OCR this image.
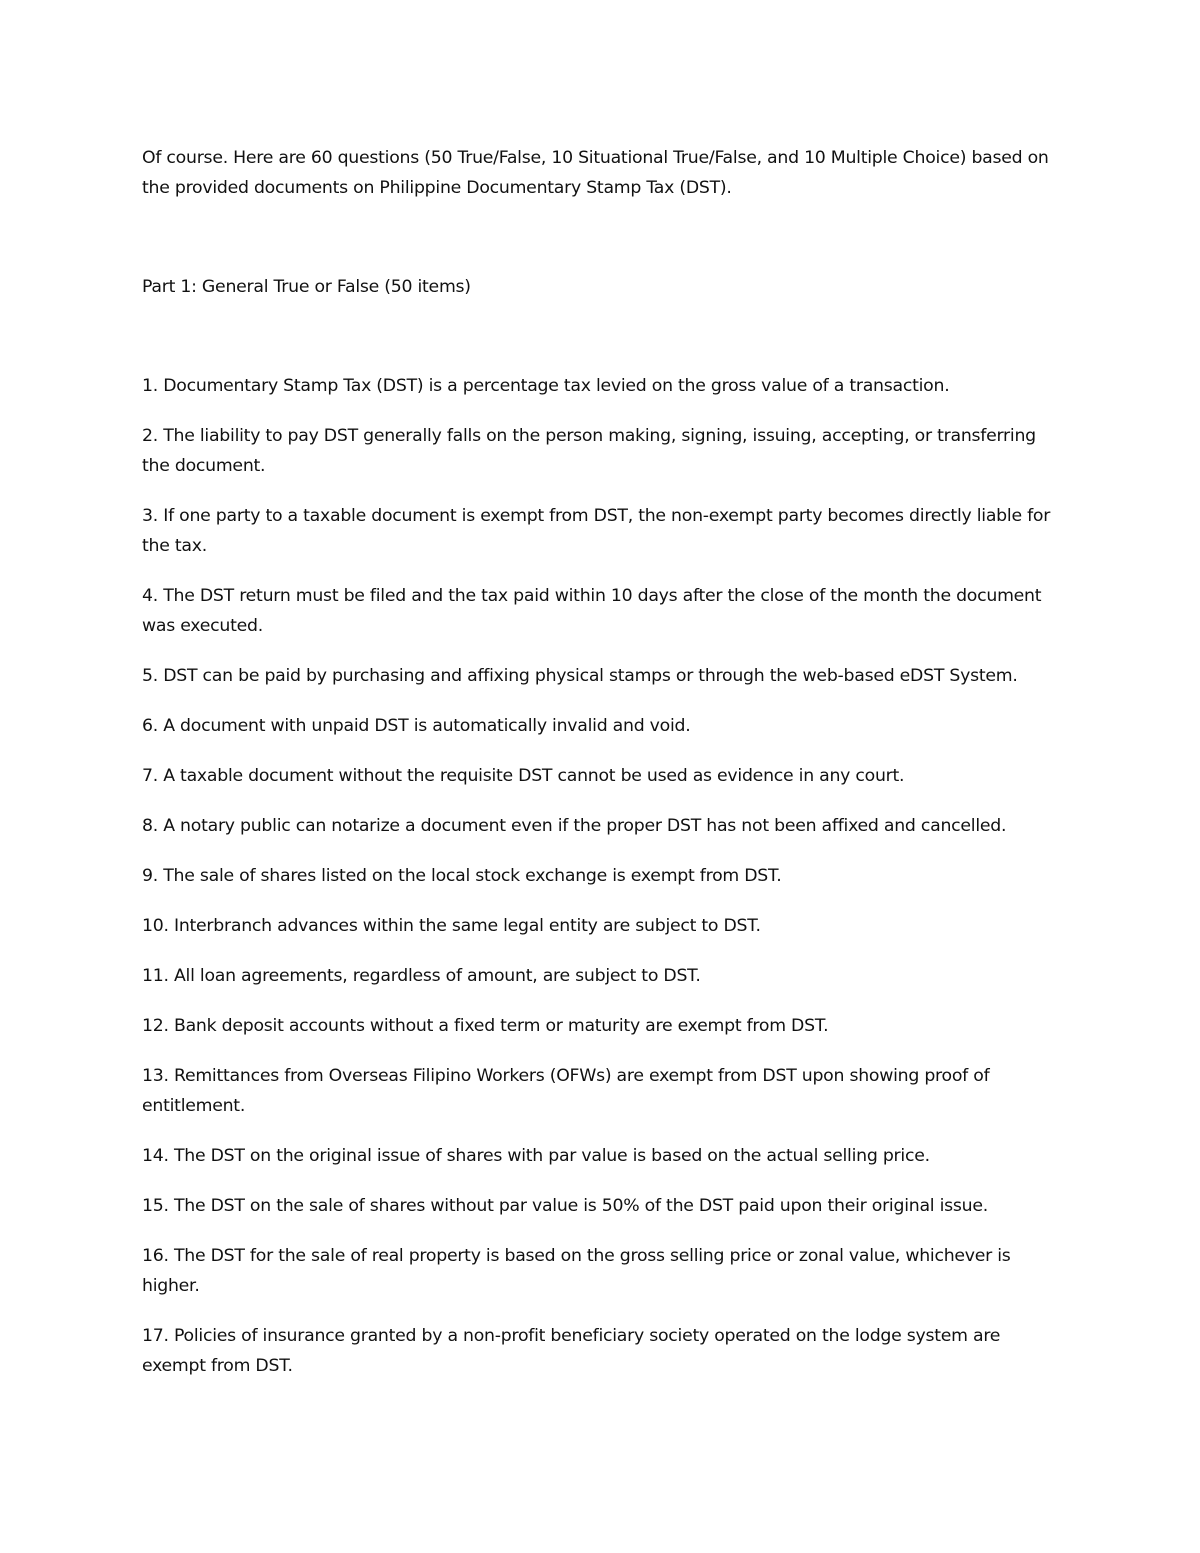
Of course. Here are 60 questions (50 True/False, 10 Situational True/False, and 10 Multiple Choice) based on the provided documents on Philippine Documentary Stamp Tax (DST).

Part 1: General True or False (50 items)

1. Documentary Stamp Tax (DST) is a percentage tax levied on the gross value of a transaction.

2. The liability to pay DST generally falls on the person making, signing, issuing, accepting, or transferring the document.

3. If one party to a taxable document is exempt from DST, the non-exempt party becomes directly liable for the tax.

4. The DST return must be filed and the tax paid within 10 days after the close of the month the document was executed.

5. DST can be paid by purchasing and affixing physical stamps or through the web-based eDST System.

6. A document with unpaid DST is automatically invalid and void.

7. A taxable document without the requisite DST cannot be used as evidence in any court.

8. A notary public can notarize a document even if the proper DST has not been affixed and cancelled.

9. The sale of shares listed on the local stock exchange is exempt from DST.

10. Interbranch advances within the same legal entity are subject to DST.

11. All loan agreements, regardless of amount, are subject to DST.

12. Bank deposit accounts without a fixed term or maturity are exempt from DST.

13. Remittances from Overseas Filipino Workers (OFWs) are exempt from DST upon showing proof of entitlement.

14. The DST on the original issue of shares with par value is based on the actual selling price.

15. The DST on the sale of shares without par value is 50% of the DST paid upon their original issue.

16. The DST for the sale of real property is based on the gross selling price or zonal value, whichever is higher.

17. Policies of insurance granted by a non-profit beneficiary society operated on the lodge system are exempt from DST.
